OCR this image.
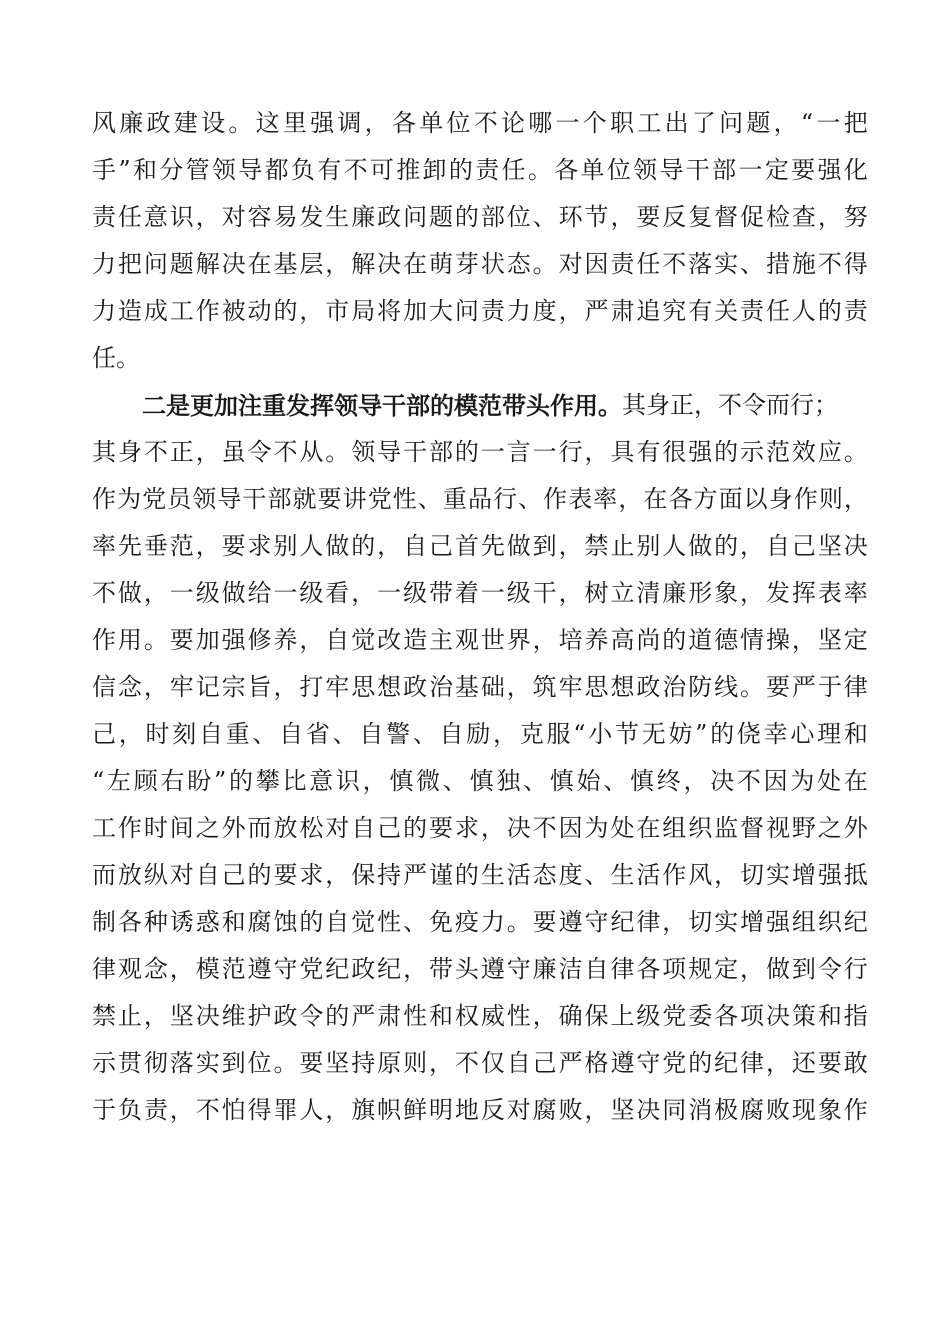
风 廉 政 建 设 。 这 里 强 调 ， 各 单 位 不 论 哪 一 个 职 工 出 了 问 题 ， “ 一 把
手 ” 和 分 管 领 导 都 负 有 不 可 推 卸 的 责 任 。 各 单 位 领 导 干 部 一 定 要 强 化
责 任 意 识 ， 对 容 易 发 生 廉 政 问 题 的 部 位 、 环 节 ， 要 反 复 督 促 检 查 ， 努
力 把 问 题 解 决 在 基 层 ， 解 决 在 萌 芽 状 态 。 对 因 责 任 不 落 实 、 措 施 不 得
力 造 成 工 作 被 动 的 ， 市 局 将 加 大 问 责 力 度 ， 严 肃 追 究 有 关 责 任 人 的 责
任。
二是更加注重发挥领导干部的模范带头作用。 其身正，不令而行；
其 身 不 正 ， 虽 令 不 从 。 领 导 干 部 的 一 言 一 行 ， 具 有 很 强 的 示 范 效 应 。
作 为 党 员 领 导 干 部 就 要 讲 党 性 、 重 品 行 、 作 表 率 ， 在 各 方 面 以 身 作 则 ，
率 先 垂 范 ， 要 求 别 人 做 的 ， 自 己 首 先 做 到 ， 禁 止 别 人 做 的 ， 自 己 坚 决
不 做 ， 一 级 做 给 一 级 看 ， 一 级 带 着 一 级 干 ， 树 立 清 廉 形 象 ， 发 挥 表 率
作 用 。 要 加 强 修 养 ， 自 觉 改 造 主 观 世 界 ， 培 养 高 尚 的 道 德 情 操 ， 坚 定
信 念 ， 牢 记 宗 旨 ， 打 牢 思 想 政 治 基 础 ， 筑 牢 思 想 政 治 防 线 。 要 严 于 律
己 ， 时 刻 自 重 、 自 省 、 自 警 、 自 励 ， 克 服 “ 小 节 无 妨 ” 的 侥 幸 心 理 和
“ 左 顾 右 盼 ” 的 攀 比 意 识 ， 慎 微 、 慎 独 、 慎 始 、 慎 终 ， 决 不 因 为 处 在
工 作 时 间 之 外 而 放 松 对 自 己 的 要 求 ， 决 不 因 为 处 在 组 织 监 督 视 野 之 外
而 放 纵 对 自 己 的 要 求 ， 保 持 严 谨 的 生 活 态 度 、 生 活 作 风 ， 切 实 增 强 抵
制 各 种 诱 惑 和 腐 蚀 的 自 觉 性 、 免 疫 力 。 要 遵 守 纪 律 ， 切 实 增 强 组 织 纪
律 观 念 ， 模 范 遵 守 党 纪 政 纪 ， 带 头 遵 守 廉 洁 自 律 各 项 规 定 ， 做 到 令 行
禁 止 ， 坚 决 维 护 政 令 的 严 肃 性 和 权 威 性 ， 确 保 上 级 党 委 各 项 决 策 和 指
示 贯 彻 落 实 到 位 。 要 坚 持 原 则 ， 不 仅 自 己 严 格 遵 守 党 的 纪 律 ， 还 要 敢
于 负 责 ， 不 怕 得 罪 人 ， 旗 帜 鲜 明 地 反 对 腐 败 ， 坚 决 同 消 极 腐 败 现 象 作
